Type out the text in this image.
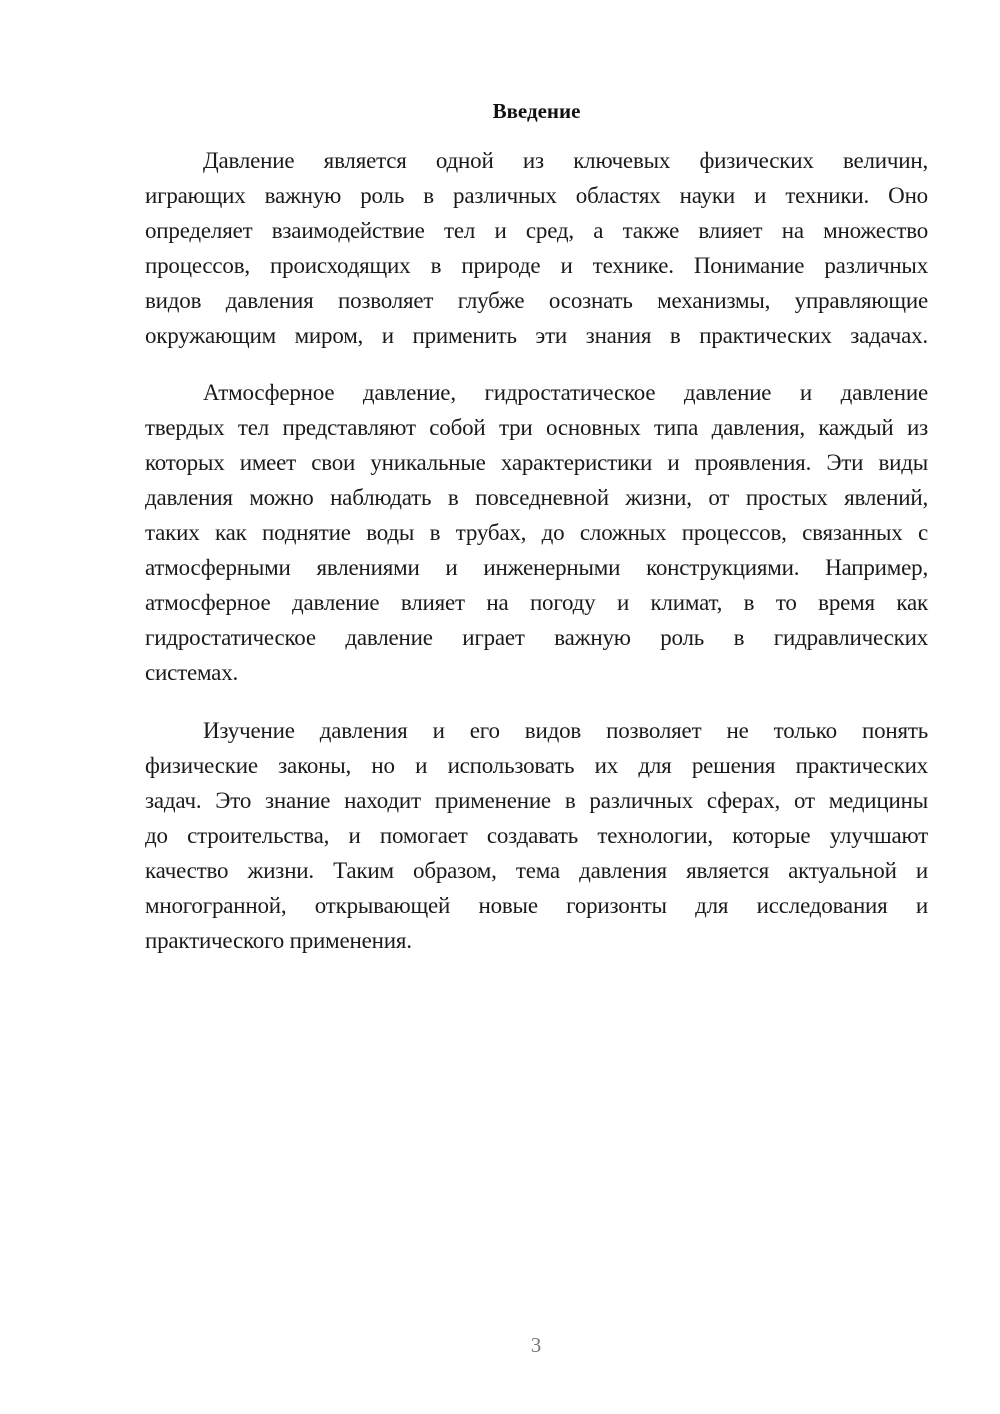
Введение
Давление является одной из ключевых физических величин,
играющих важную роль в различных областях науки и техники. Оно
определяет взаимодействие тел и сред, а также влияет на множество
процессов, происходящих в природе и технике. Понимание различных
видов давления позволяет глубже осознать механизмы, управляющие
окружающим миром, и применить эти знания в практических задачах.
Атмосферное давление, гидростатическое давление и давление
твердых тел представляют собой три основных типа давления, каждый из
которых имеет свои уникальные характеристики и проявления. Эти виды
давления можно наблюдать в повседневной жизни, от простых явлений,
таких как поднятие воды в трубах, до сложных процессов, связанных с
атмосферными явлениями и инженерными конструкциями. Например,
атмосферное давление влияет на погоду и климат, в то время как
гидростатическое давление играет важную роль в гидравлических
системах.
Изучение давления и его видов позволяет не только понять
физические законы, но и использовать их для решения практических
задач. Это знание находит применение в различных сферах, от медицины
до строительства, и помогает создавать технологии, которые улучшают
качество жизни. Таким образом, тема давления является актуальной и
многогранной, открывающей новые горизонты для исследования и
практического применения.
3
